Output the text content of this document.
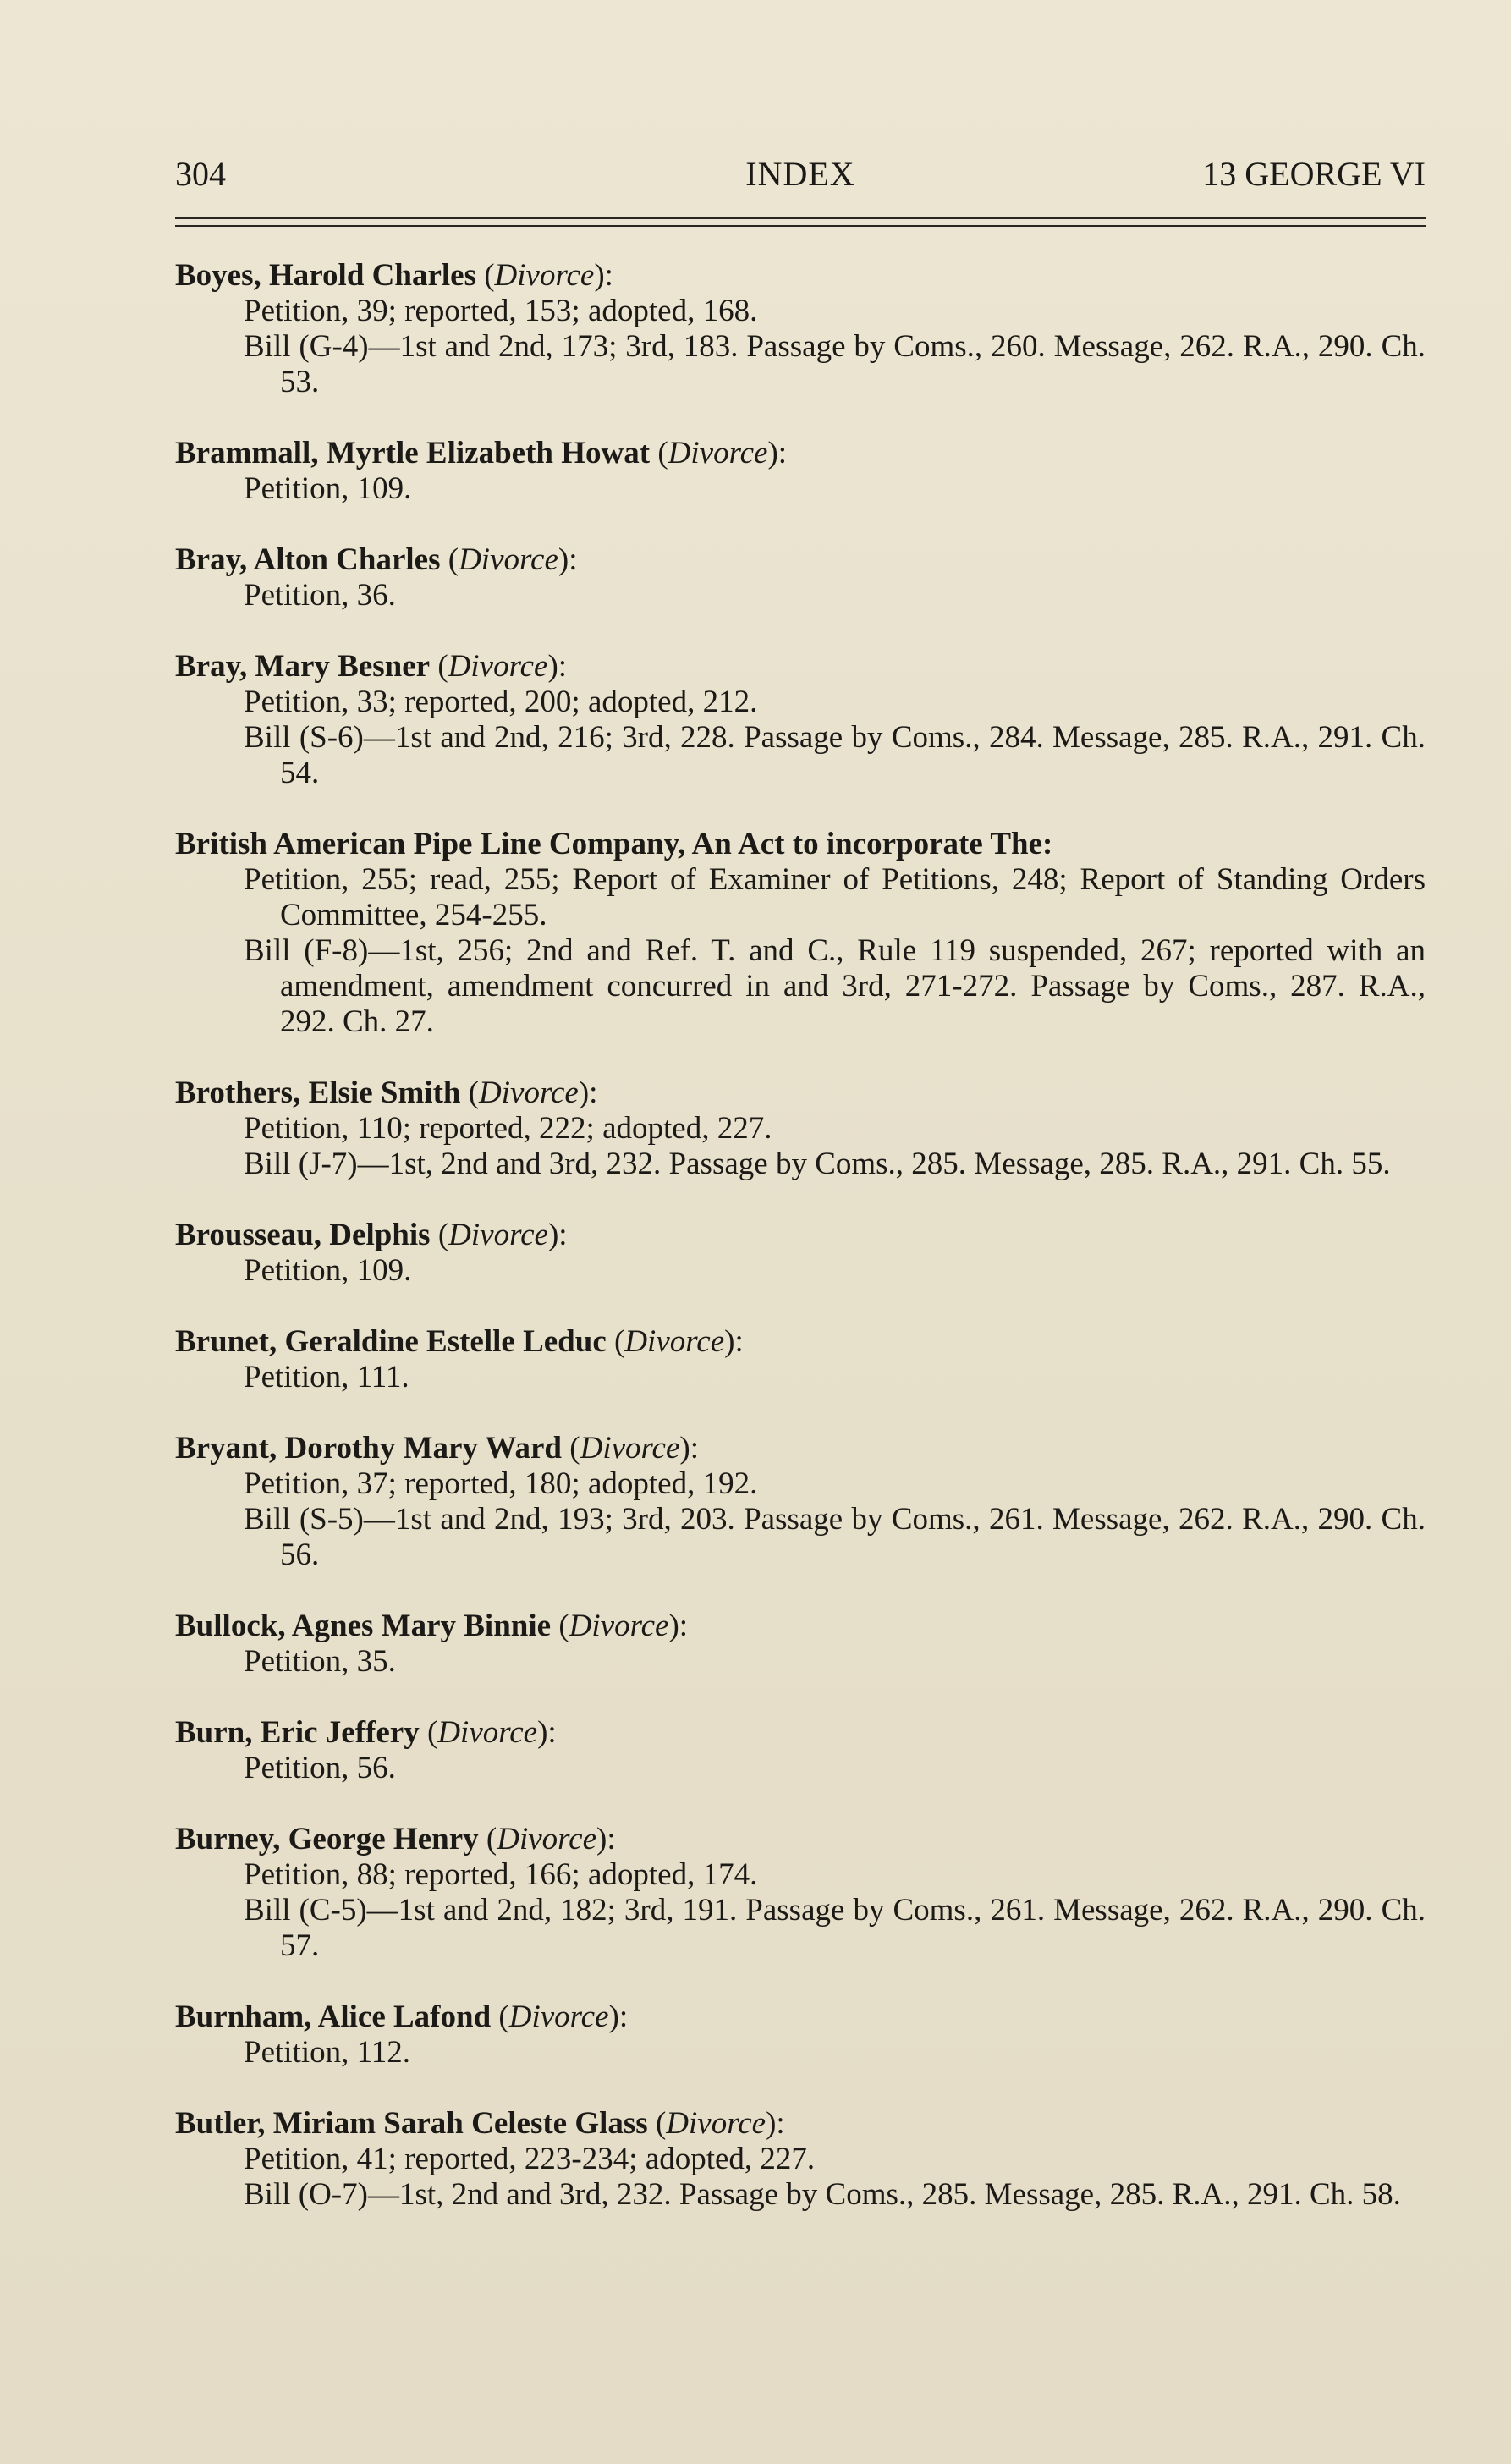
304	INDEX	13 GEORGE VI
Boyes, Harold Charles (Divorce):
Petition, 39; reported, 153; adopted, 168.
Bill (G-4)—1st and 2nd, 173; 3rd, 183. Passage by Coms., 260. Message, 262. R.A., 290. Ch. 53.
Brammall, Myrtle Elizabeth Howat (Divorce):
Petition, 109.
Bray, Alton Charles (Divorce):
Petition, 36.
Bray, Mary Besner (Divorce):
Petition, 33; reported, 200; adopted, 212.
Bill (S-6)—1st and 2nd, 216; 3rd, 228. Passage by Coms., 284. Message, 285. R.A., 291. Ch. 54.
British American Pipe Line Company, An Act to incorporate The:
Petition, 255; read, 255; Report of Examiner of Petitions, 248; Report of Standing Orders Committee, 254-255.
Bill (F-8)—1st, 256; 2nd and Ref. T. and C., Rule 119 suspended, 267; reported with an amendment, amendment concurred in and 3rd, 271-272. Passage by Coms., 287. R.A., 292. Ch. 27.
Brothers, Elsie Smith (Divorce):
Petition, 110; reported, 222; adopted, 227.
Bill (J-7)—1st, 2nd and 3rd, 232. Passage by Coms., 285. Message, 285. R.A., 291. Ch. 55.
Brousseau, Delphis (Divorce):
Petition, 109.
Brunet, Geraldine Estelle Leduc (Divorce):
Petition, 111.
Bryant, Dorothy Mary Ward (Divorce):
Petition, 37; reported, 180; adopted, 192.
Bill (S-5)—1st and 2nd, 193; 3rd, 203. Passage by Coms., 261. Message, 262. R.A., 290. Ch. 56.
Bullock, Agnes Mary Binnie (Divorce):
Petition, 35.
Burn, Eric Jeffery (Divorce):
Petition, 56.
Burney, George Henry (Divorce):
Petition, 88; reported, 166; adopted, 174.
Bill (C-5)—1st and 2nd, 182; 3rd, 191. Passage by Coms., 261. Message, 262. R.A., 290. Ch. 57.
Burnham, Alice Lafond (Divorce):
Petition, 112.
Butler, Miriam Sarah Celeste Glass (Divorce):
Petition, 41; reported, 223-234; adopted, 227.
Bill (O-7)—1st, 2nd and 3rd, 232. Passage by Coms., 285. Message, 285. R.A., 291. Ch. 58.
